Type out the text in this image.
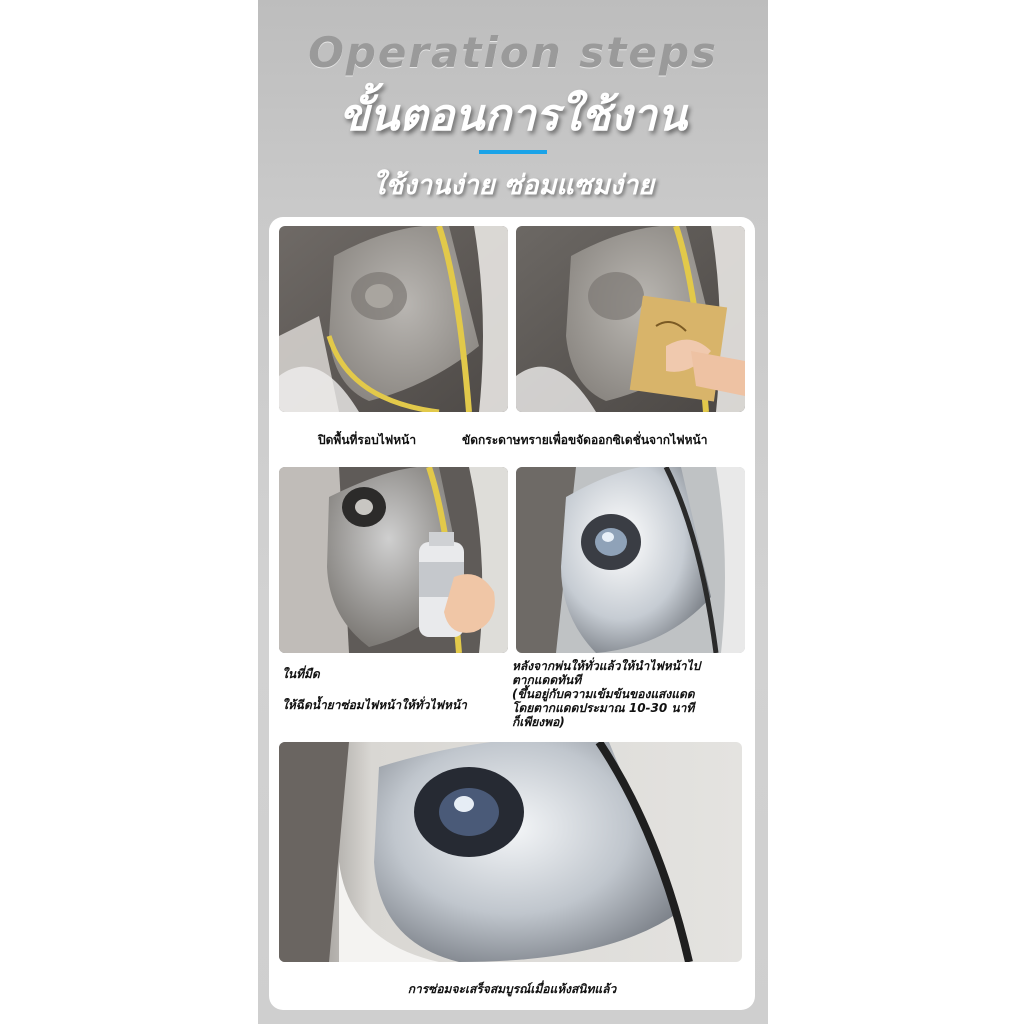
Operation steps
ขั้นตอนการใช้งาน
ใช้งานง่าย ซ่อมแซมง่าย
ปิดพื้นที่รอบไฟหน้า	ขัดกระดาษทรายเพื่อขจัดออกซิเดชั่นจากไฟหน้า
ในที่มืด
ให้ฉีดน้ำยาซ่อมไฟหน้าให้ทั่วไฟหน้า
หลังจากพ่นให้ทั่วแล้วให้นำไฟหน้าไป
ตากแดดทันที
(ขึ้นอยู่กับความเข้มข้นของแสงแดด
โดยตากแดดประมาณ 10-30 นาที
ก็เพียงพอ)
การซ่อมจะเสร็จสมบูรณ์เมื่อแห้งสนิทแล้ว
